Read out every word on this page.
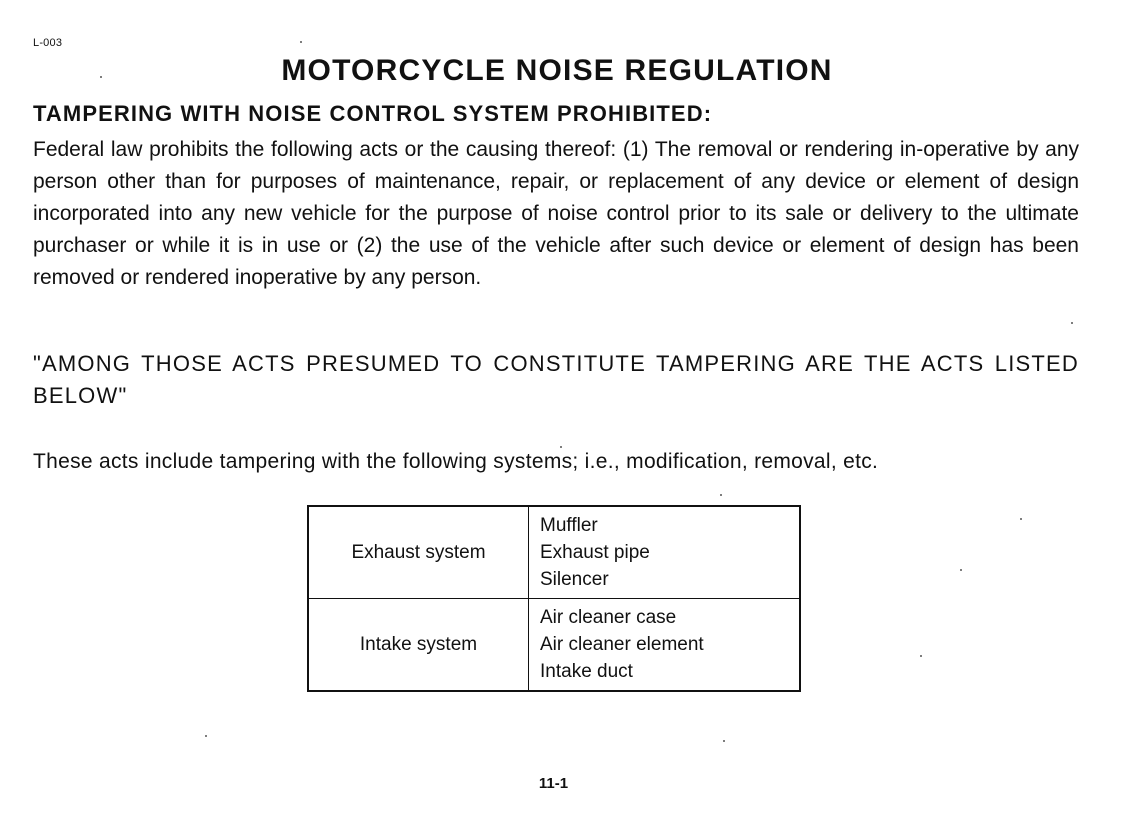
L-003
MOTORCYCLE NOISE REGULATION
TAMPERING WITH NOISE CONTROL SYSTEM PROHIBITED:

Federal law prohibits the following acts or the causing thereof: (1) The removal or rendering in-operative by any person other than for purposes of maintenance, repair, or replacement of any device or element of design incorporated into any new vehicle for the purpose of noise control prior to its sale or delivery to the ultimate purchaser or while it is in use or (2) the use of the vehicle after such device or element of design has been removed or rendered inoperative by any person.

"AMONG THOSE ACTS PRESUMED TO CONSTITUTE TAMPERING ARE THE ACTS LISTED BELOW"
These acts include tampering with the following systems; i.e., modification, removal, etc.
Exhaust system	Muffler
Exhaust pipe
Silencer

Intake system	Air cleaner case
Air cleaner element
Intake duct
11-1
